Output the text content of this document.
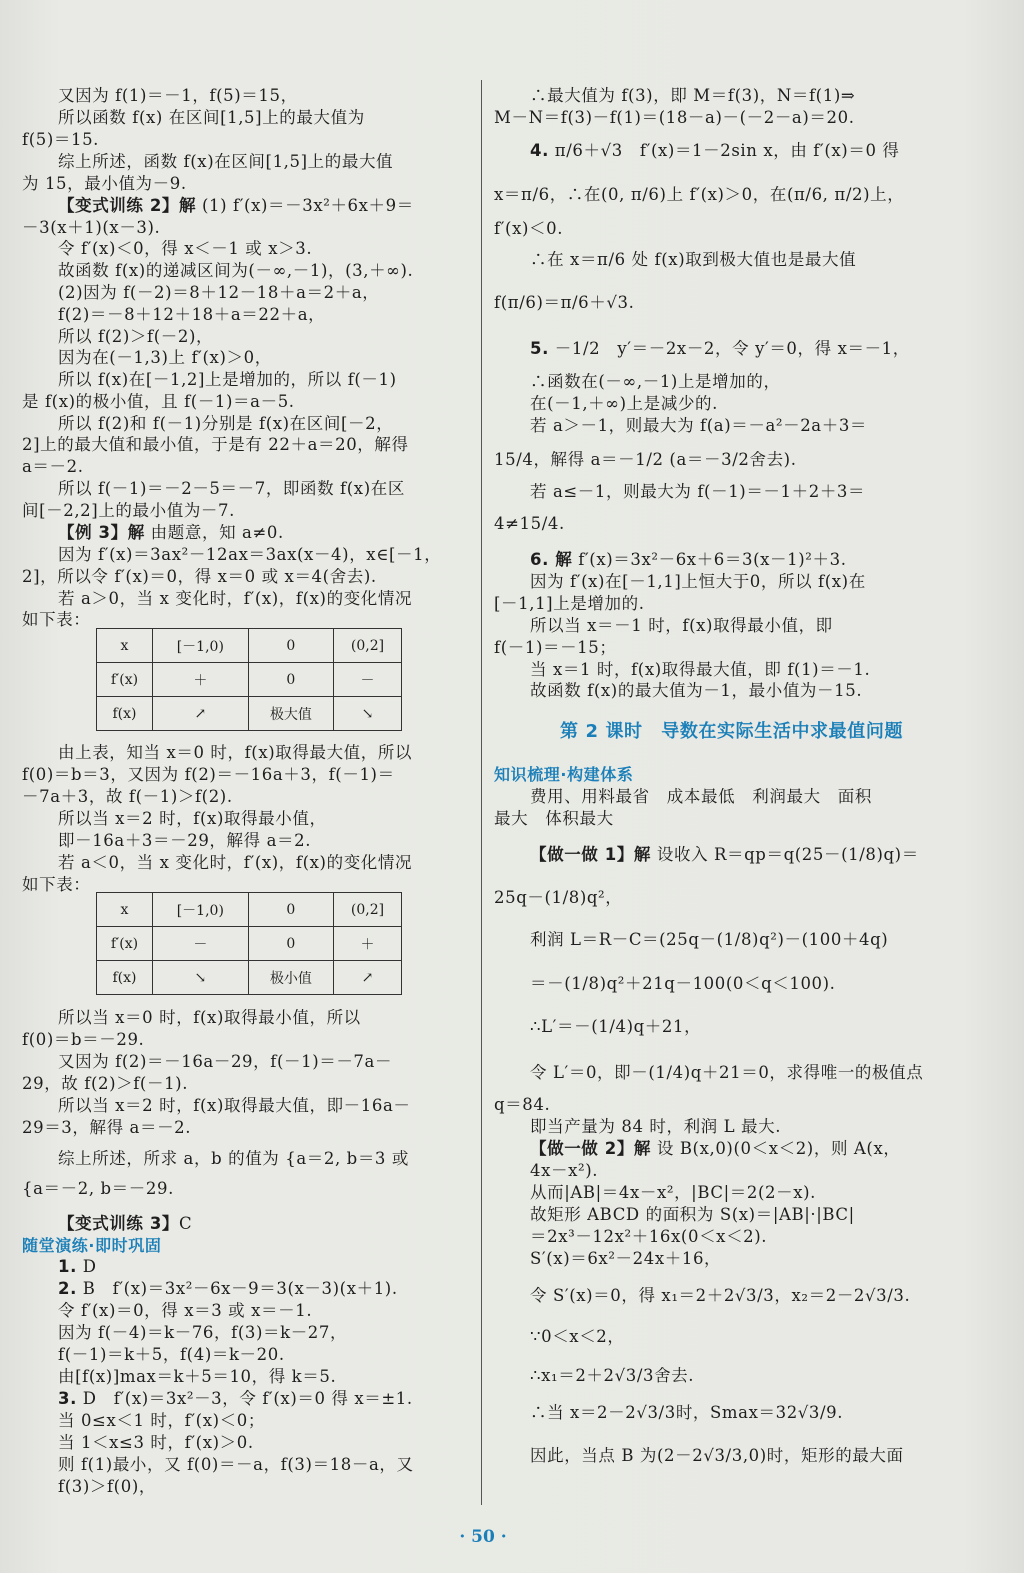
又因为 f(1)＝－1，f(5)＝15，
所以函数 f(x) 在区间[1,5]上的最大值为
f(5)＝15.
综上所述，函数 f(x)在区间[1,5]上的最大值
为 15，最小值为－9.
【变式训练 2】解 (1) f′(x)＝－3x²＋6x＋9＝
－3(x＋1)(x－3).
令 f′(x)＜0，得 x＜－1 或 x＞3.
故函数 f(x)的递减区间为(－∞,－1)，(3,＋∞).
(2)因为 f(－2)＝8＋12－18＋a＝2＋a，
f(2)＝－8＋12＋18＋a＝22＋a，
所以 f(2)＞f(－2)，
因为在(－1,3)上 f′(x)＞0，
所以 f(x)在[－1,2]上是增加的，所以 f(－1)
是 f(x)的极小值，且 f(－1)＝a－5.
所以 f(2)和 f(－1)分别是 f(x)在区间[－2，
2]上的最大值和最小值，于是有 22＋a＝20，解得
a＝－2.
所以 f(－1)＝－2－5＝－7，即函数 f(x)在区
间[－2,2]上的最小值为－7.
【例 3】解 由题意，知 a≠0.
因为 f′(x)＝3ax²－12ax＝3ax(x－4)，x∈[－1，
2]，所以令 f′(x)＝0，得 x＝0 或 x＝4(舍去).
若 a＞0，当 x 变化时，f′(x)，f(x)的变化情况
如下表：
由上表，知当 x＝0 时，f(x)取得最大值，所以
f(0)＝b＝3，又因为 f(2)＝－16a＋3，f(－1)＝
－7a＋3，故 f(－1)＞f(2).
所以当 x＝2 时，f(x)取得最小值，
即－16a＋3＝－29，解得 a＝2.
若 a＜0，当 x 变化时，f′(x)，f(x)的变化情况
如下表：
所以当 x＝0 时，f(x)取得最小值，所以
f(0)＝b＝－29.
又因为 f(2)＝－16a－29，f(－1)＝－7a－
29，故 f(2)＞f(－1).
所以当 x＝2 时，f(x)取得最大值，即－16a－
29＝3，解得 a＝－2.
综上所述，所求 a，b 的值为 {a＝2, b＝3 或
{a＝－2, b＝－29.
【变式训练 3】C
随堂演练·即时巩固
1. D
2. B　f′(x)＝3x²－6x－9＝3(x－3)(x＋1).
令 f′(x)＝0，得 x＝3 或 x＝－1.
因为 f(－4)＝k－76，f(3)＝k－27，
f(－1)＝k＋5，f(4)＝k－20.
由[f(x)]max＝k＋5＝10，得 k＝5.
3. D　f′(x)＝3x²－3，令 f′(x)＝0 得 x＝±1.
当 0≤x＜1 时，f′(x)＜0；
当 1＜x≤3 时，f′(x)＞0.
则 f(1)最小，又 f(0)＝－a，f(3)＝18－a，又
f(3)＞f(0)，
∴最大值为 f(3)，即 M＝f(3)，N＝f(1)⇒
M－N＝f(3)－f(1)＝(18－a)－(－2－a)＝20.
4. π/6＋√3　f′(x)＝1－2sin x，由 f′(x)＝0 得
x＝π/6，∴在(0, π/6)上 f′(x)＞0，在(π/6, π/2)上，
f′(x)＜0.
∴在 x＝π/6 处 f(x)取到极大值也是最大值
f(π/6)＝π/6＋√3.
5. －1/2　y′＝－2x－2，令 y′＝0，得 x＝－1，
∴函数在(－∞,－1)上是增加的，
在(－1,＋∞)上是减少的.
若 a＞－1，则最大为 f(a)＝－a²－2a＋3＝
15/4，解得 a＝－1/2 (a＝－3/2舍去).
若 a≤－1，则最大为 f(－1)＝－1＋2＋3＝
4≠15/4.
6. 解 f′(x)＝3x²－6x＋6＝3(x－1)²＋3.
因为 f′(x)在[－1,1]上恒大于0，所以 f(x)在
[－1,1]上是增加的.
所以当 x＝－1 时，f(x)取得最小值，即
f(－1)＝－15；
当 x＝1 时，f(x)取得最大值，即 f(1)＝－1.
故函数 f(x)的最大值为－1，最小值为－15.
第 2 课时　导数在实际生活中求最值问题
知识梳理·构建体系
费用、用料最省　成本最低　利润最大　面积
最大　体积最大
【做一做 1】解 设收入 R＝qp＝q(25－(1/8)q)＝
25q－(1/8)q²，
利润 L＝R－C＝(25q－(1/8)q²)－(100＋4q)
＝－(1/8)q²＋21q－100(0＜q＜100).
∴L′＝－(1/4)q＋21，
令 L′＝0，即－(1/4)q＋21＝0，求得唯一的极值点
q＝84.
即当产量为 84 时，利润 L 最大.
【做一做 2】解 设 B(x,0)(0＜x＜2)，则 A(x，
4x－x²).
从而|AB|＝4x－x²，|BC|＝2(2－x).
故矩形 ABCD 的面积为 S(x)＝|AB|·|BC|
＝2x³－12x²＋16x(0＜x＜2).
S′(x)＝6x²－24x＋16，
令 S′(x)＝0，得 x₁＝2＋2√3/3，x₂＝2－2√3/3.
∵0＜x＜2，
∴x₁＝2＋2√3/3舍去.
∴当 x＝2－2√3/3时，Smax＝32√3/9.
因此，当点 B 为(2－2√3/3,0)时，矩形的最大面
x	[－1,0)	0	(0,2]
f′(x)	＋	0	－
f(x)	↗	极大值	↘
x	[－1,0)	0	(0,2]
f′(x)	－	0	＋
f(x)	↘	极小值	↗
· 50 ·
